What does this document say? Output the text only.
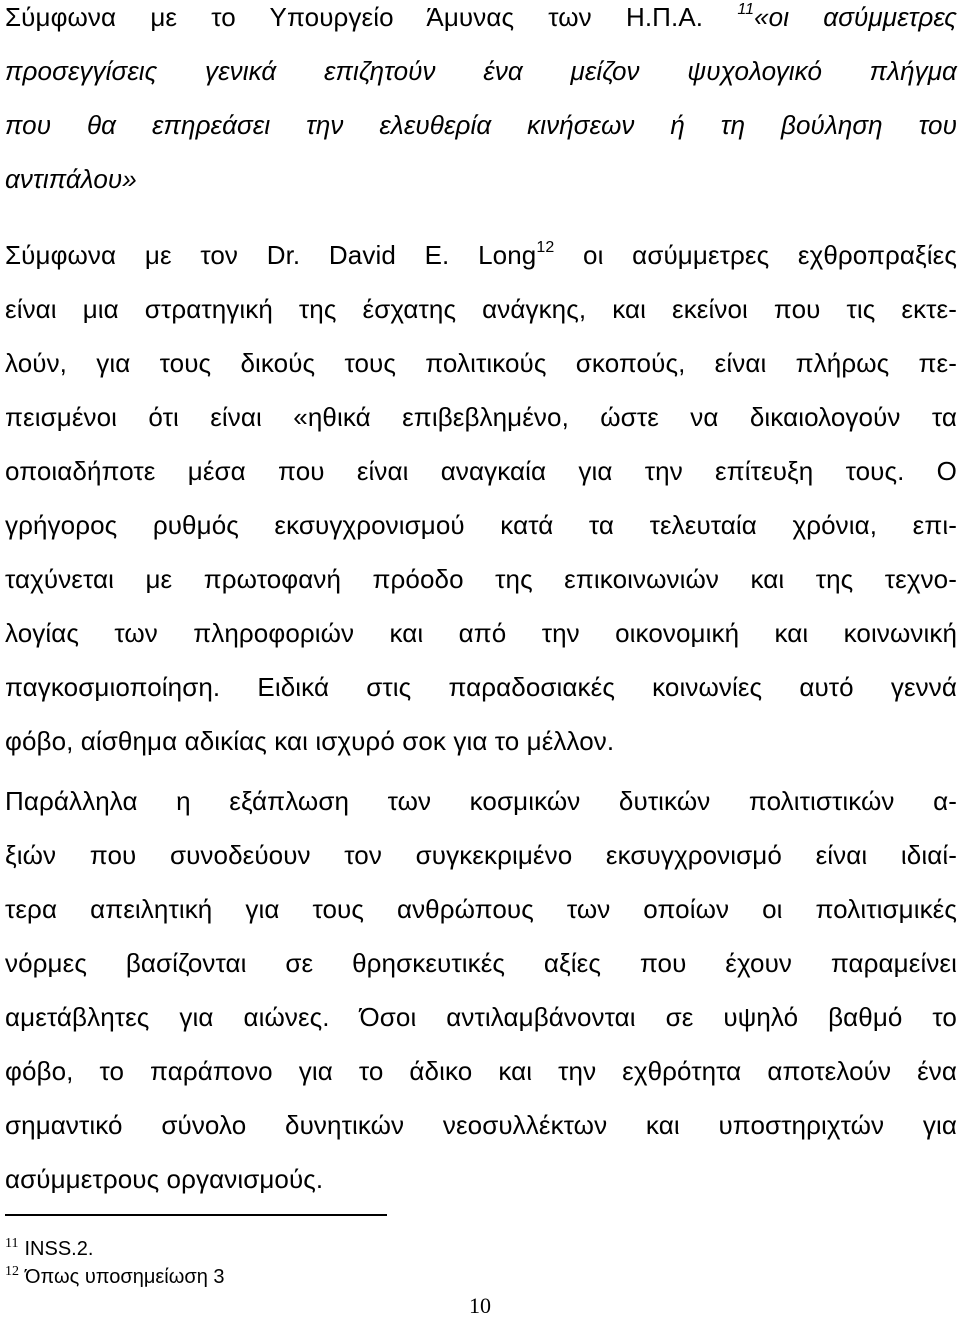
Σύμφωνα με το Υπουργείο Άμυνας των Η.Π.Α. $^{11}$«οι ασύμμετρες
προσεγγίσεις γενικά επιζητούν ένα μείζον ψυχολογικό πλήγμα
που θα επηρεάσει την ελευθερία κινήσεων ή τη βούληση του
αντιπάλου»
Σύμφωνα με τον Dr. David E. Long$^{12}$ οι ασύμμετρες εχθροπραξίες
είναι μια στρατηγική της έσχατης ανάγκης, και εκείνοι που τις εκτε-
λούν, για τους δικούς τους πολιτικούς σκοπούς, είναι πλήρως πε-
πεισμένοι ότι είναι «ηθικά επιβεβλημένο, ώστε να δικαιολογούν τα
οποιαδήποτε μέσα που είναι αναγκαία για την επίτευξη τους. Ο
γρήγορος ρυθμός εκσυγχρονισμού κατά τα τελευταία χρόνια, επι-
ταχύνεται με πρωτοφανή πρόοδο της επικοινωνιών και της τεχνο-
λογίας των πληροφοριών και από την οικονομική και κοινωνική
παγκοσμιοποίηση. Ειδικά στις παραδοσιακές κοινωνίες αυτό γεννά
φόβο, αίσθημα αδικίας και ισχυρό σοκ για το μέλλον.
Παράλληλα η εξάπλωση των κοσμικών δυτικών πολιτιστικών α-
ξιών που συνοδεύουν τον συγκεκριμένο εκσυγχρονισμό είναι ιδιαί-
τερα απειλητική για τους ανθρώπους των οποίων οι πολιτισμικές
νόρμες βασίζονται σε θρησκευτικές αξίες που έχουν παραμείνει
αμετάβλητες για αιώνες. Όσοι αντιλαμβάνονται σε υψηλό βαθμό το
φόβο, το παράπονο για το άδικο και την εχθρότητα αποτελούν ένα
σημαντικό σύνολο δυνητικών νεοσυλλέκτων και υποστηριχτών για
ασύμμετρους οργανισμούς.
$^{11}$ INSS.2.
$^{12}$ Όπως υποσημείωση 3
10
